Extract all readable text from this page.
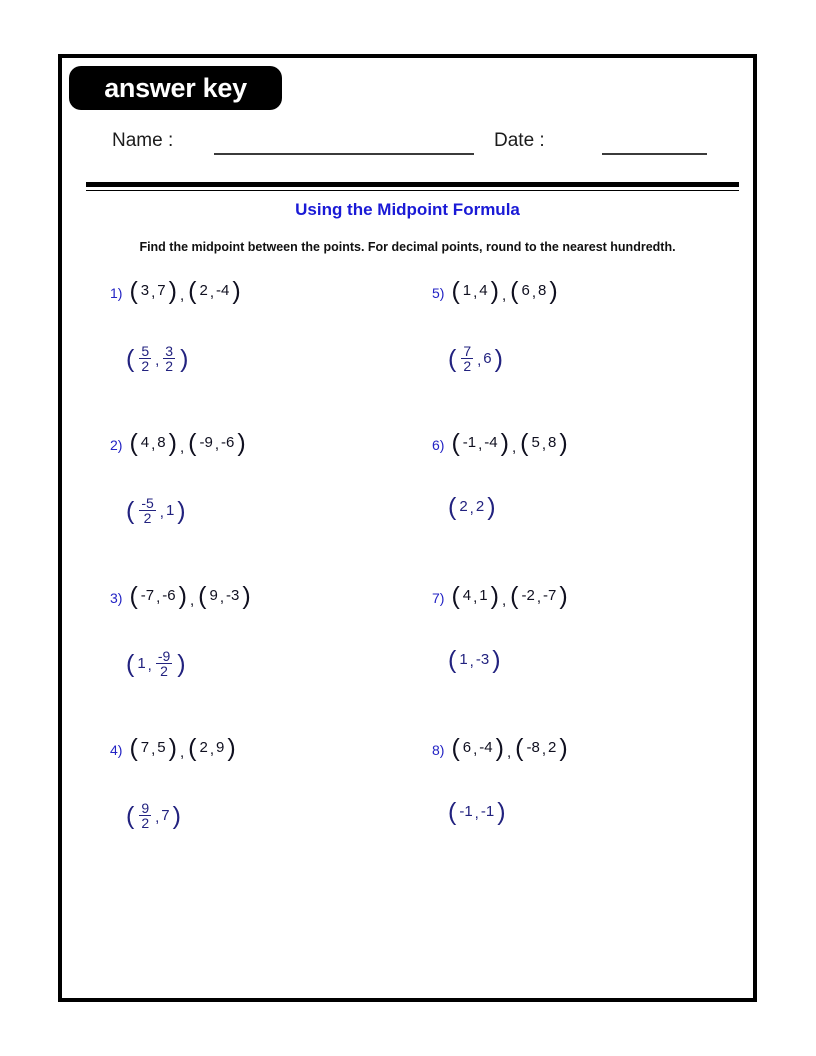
answer key
Name :	Date :
Using the Midpoint Formula
Find the midpoint between the points. For decimal points, round to the nearest hundredth.
1) ( 3 , 7 ) , ( 2 , -4 )
( $\frac{5}{2}$ , $\frac{3}{2}$ )
2) ( 4 , 8 ) , ( -9 , -6 )
( $\frac{-5}{2}$ , 1 )
3) ( -7 , -6 ) , ( 9 , -3 )
( 1 , $\frac{-9}{2}$ )
4) ( 7 , 5 ) , ( 2 , 9 )
( $\frac{9}{2}$ , 7 )
5) ( 1 , 4 ) , ( 6 , 8 )
( $\frac{7}{2}$ , 6 )
6) ( -1 , -4 ) , ( 5 , 8 )
( 2 , 2 )
7) ( 4 , 1 ) , ( -2 , -7 )
( 1 , -3 )
8) ( 6 , -4 ) , ( -8 , 2 )
( -1 , -1 )
